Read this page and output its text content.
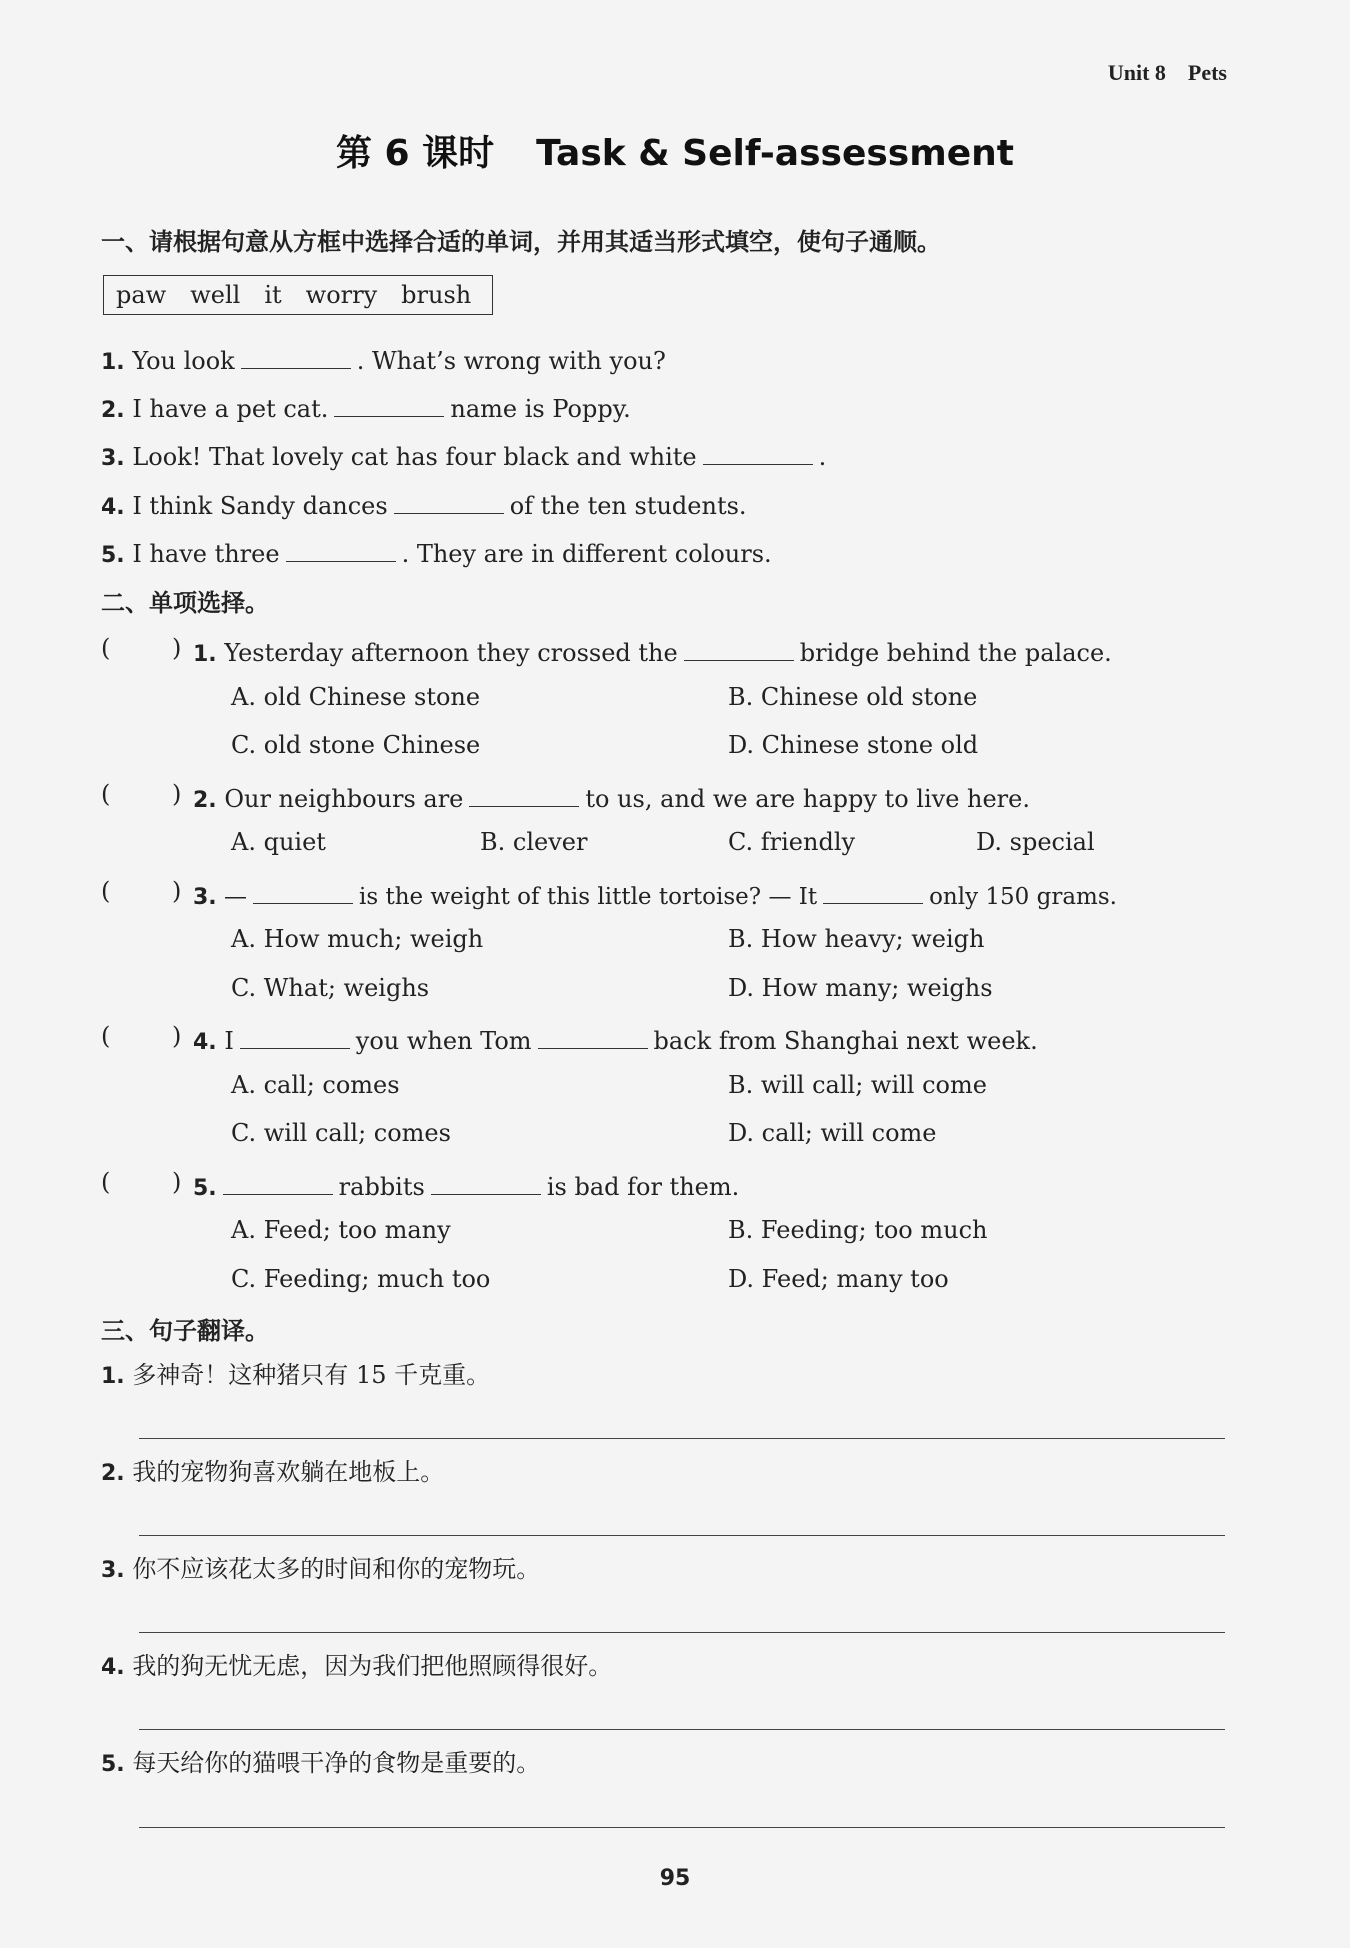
Unit 8 Pets
第 6 课时 Task & Self-assessment
一、请根据句意从方框中选择合适的单词，并用其适当形式填空，使句子通顺。
paw well it worry brush
1. You look	. What’s wrong with you?
2. I have a pet cat.	name is Poppy.
3. Look! That lovely cat has four black and white	.
4. I think Sandy dances	of the ten students.
5. I have three	. They are in different colours.
二、单项选择。
(	) 1. Yesterday afternoon they crossed the	bridge behind the palace.
A. old Chinese stone	B. Chinese old stone
C. old stone Chinese	D. Chinese stone old
(	) 2. Our neighbours are	to us, and we are happy to live here.
A. quiet	B. clever	C. friendly	D. special
(	) 3. —	is the weight of this little tortoise? — It	only 150 grams.
A. How much; weigh	B. How heavy; weigh
C. What; weighs	D. How many; weighs
(	) 4. I	you when Tom	back from Shanghai next week.
A. call; comes	B. will call; will come
C. will call; comes	D. call; will come
(	) 5.	rabbits	is bad for them.
A. Feed; too many	B. Feeding; too much
C. Feeding; much too	D. Feed; many too
三、句子翻译。
1. 多神奇！这种猪只有 15 千克重。
2. 我的宠物狗喜欢躺在地板上。
3. 你不应该花太多的时间和你的宠物玩。
4. 我的狗无忧无虑，因为我们把他照顾得很好。
5. 每天给你的猫喂干净的食物是重要的。
95
